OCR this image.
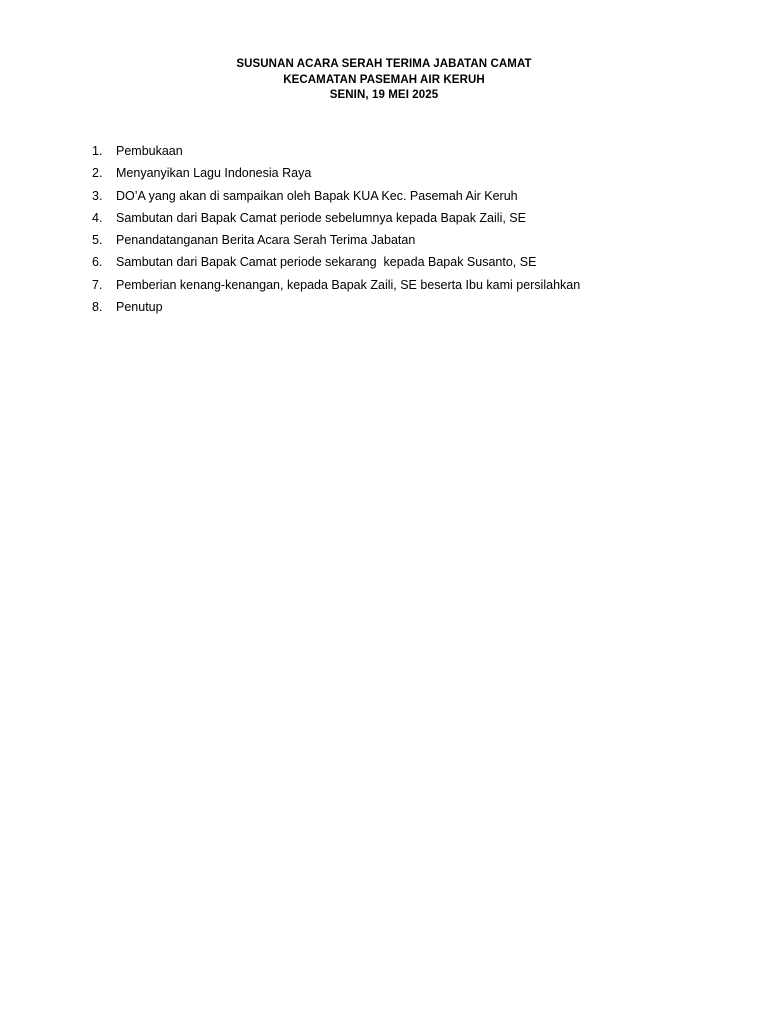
SUSUNAN ACARA SERAH TERIMA JABATAN CAMAT
KECAMATAN PASEMAH AIR KERUH
SENIN, 19 MEI 2025
1.	Pembukaan
2.	Menyanyikan Lagu Indonesia Raya
3.	DO’A yang akan di sampaikan oleh Bapak KUA Kec. Pasemah Air Keruh
4.	Sambutan dari Bapak Camat periode sebelumnya kepada Bapak Zaili, SE
5.	Penandatanganan Berita Acara Serah Terima Jabatan
6.	Sambutan dari Bapak Camat periode sekarang  kepada Bapak Susanto, SE
7.	Pemberian kenang-kenangan, kepada Bapak Zaili, SE beserta Ibu kami persilahkan
8.	Penutup
